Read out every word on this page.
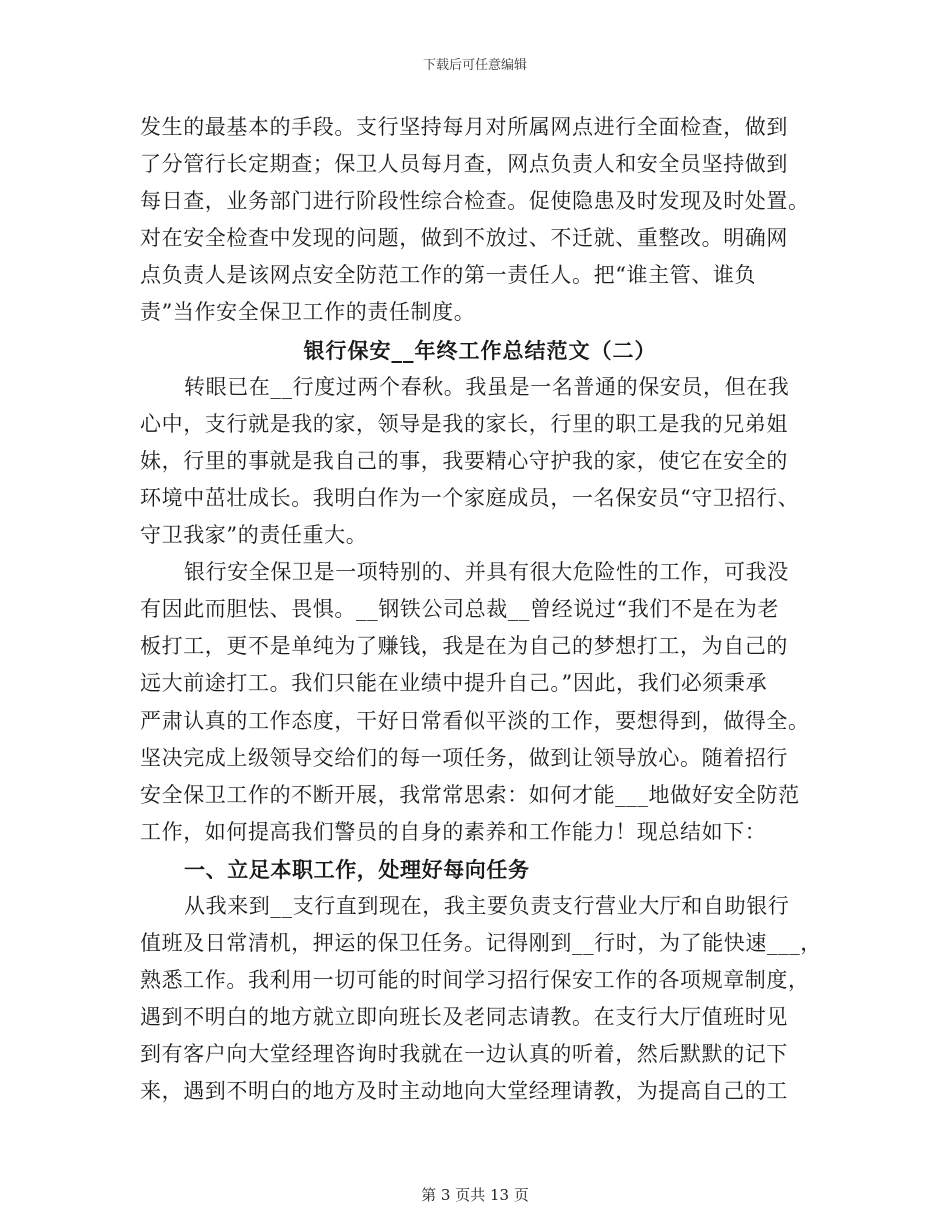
下载后可任意编辑
发生的最基本的手段。支行坚持每月对所属网点进行全面检查，做到
了分管行长定期查；保卫人员每月查，网点负责人和安全员坚持做到
每日查，业务部门进行阶段性综合检查。促使隐患及时发现及时处置。
对在安全检查中发现的问题，做到不放过、不迁就、重整改。明确网
点负责人是该网点安全防范工作的第一责任人。把“谁主管、谁负
责”当作安全保卫工作的责任制度。
银行保安__年终工作总结范文（二）
转眼已在__行度过两个春秋。我虽是一名普通的保安员，但在我
心中，支行就是我的家，领导是我的家长，行里的职工是我的兄弟姐
妹，行里的事就是我自己的事，我要精心守护我的家，使它在安全的
环境中茁壮成长。我明白作为一个家庭成员，一名保安员“守卫招行、
守卫我家”的责任重大。
银行安全保卫是一项特别的、并具有很大危险性的工作，可我没
有因此而胆怯、畏惧。__钢铁公司总裁__曾经说过“我们不是在为老
板打工，更不是单纯为了赚钱，我是在为自己的梦想打工，为自己的
远大前途打工。我们只能在业绩中提升自己。”因此，我们必须秉承
严肃认真的工作态度，干好日常看似平淡的工作，要想得到，做得全。
坚决完成上级领导交给们的每一项任务，做到让领导放心。随着招行
安全保卫工作的不断开展，我常常思索：如何才能___地做好安全防范
工作，如何提高我们警员的自身的素养和工作能力！现总结如下：
一、立足本职工作，处理好每向任务
从我来到__支行直到现在，我主要负责支行营业大厅和自助银行
值班及日常清机，押运的保卫任务。记得刚到__行时，为了能快速___，
熟悉工作。我利用一切可能的时间学习招行保安工作的各项规章制度，
遇到不明白的地方就立即向班长及老同志请教。在支行大厅值班时见
到有客户向大堂经理咨询时我就在一边认真的听着，然后默默的记下
来，遇到不明白的地方及时主动地向大堂经理请教，为提高自己的工
第 3 页共 13 页
